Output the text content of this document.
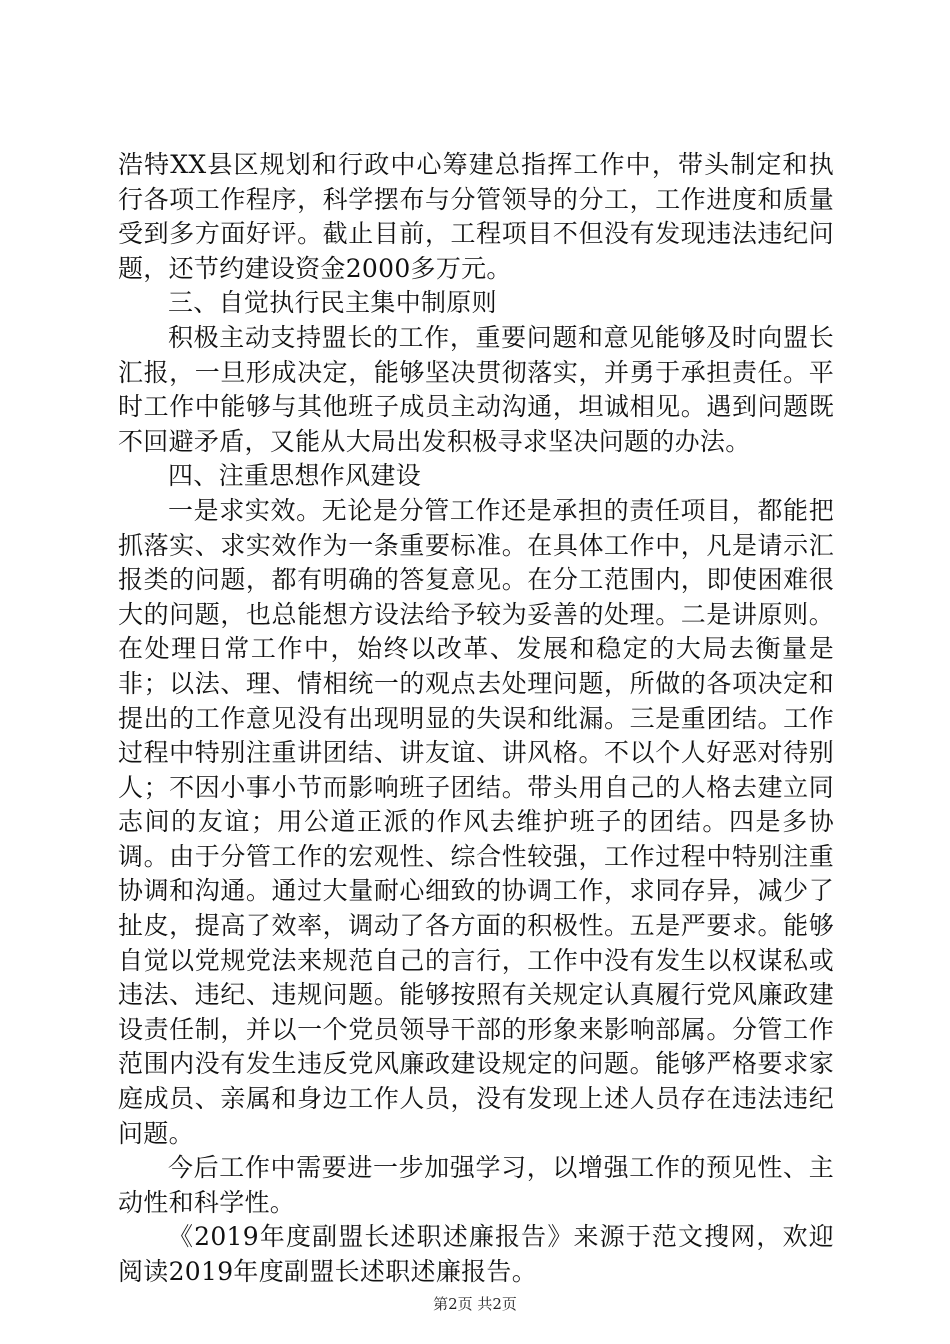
浩特XX县区规划和行政中心筹建总指挥工作中，带头制定和执行各项工作程序，科学摆布与分管领导的分工，工作进度和质量受到多方面好评。截止目前，工程项目不但没有发现违法违纪问题，还节约建设资金2000多万元。

三、自觉执行民主集中制原则

积极主动支持盟长的工作，重要问题和意见能够及时向盟长汇报，一旦形成决定，能够坚决贯彻落实，并勇于承担责任。平时工作中能够与其他班子成员主动沟通，坦诚相见。遇到问题既不回避矛盾，又能从大局出发积极寻求坚决问题的办法。

四、注重思想作风建设

一是求实效。无论是分管工作还是承担的责任项目，都能把抓落实、求实效作为一条重要标准。在具体工作中，凡是请示汇报类的问题，都有明确的答复意见。在分工范围内，即使困难很大的问题，也总能想方设法给予较为妥善的处理。二是讲原则。在处理日常工作中，始终以改革、发展和稳定的大局去衡量是非；以法、理、情相统一的观点去处理问题，所做的各项决定和提出的工作意见没有出现明显的失误和纰漏。三是重团结。工作过程中特别注重讲团结、讲友谊、讲风格。不以个人好恶对待别人；不因小事小节而影响班子团结。带头用自己的人格去建立同志间的友谊；用公道正派的作风去维护班子的团结。四是多协调。由于分管工作的宏观性、综合性较强，工作过程中特别注重协调和沟通。通过大量耐心细致的协调工作，求同存异，减少了扯皮，提高了效率，调动了各方面的积极性。五是严要求。能够自觉以党规党法来规范自己的言行，工作中没有发生以权谋私或违法、违纪、违规问题。能够按照有关规定认真履行党风廉政建设责任制，并以一个党员领导干部的形象来影响部属。分管工作范围内没有发生违反党风廉政建设规定的问题。能够严格要求家庭成员、亲属和身边工作人员，没有发现上述人员存在违法违纪问题。

今后工作中需要进一步加强学习，以增强工作的预见性、主动性和科学性。

《2019年度副盟长述职述廉报告》来源于范文搜网，欢迎阅读2019年度副盟长述职述廉报告。

第2页 共2页
